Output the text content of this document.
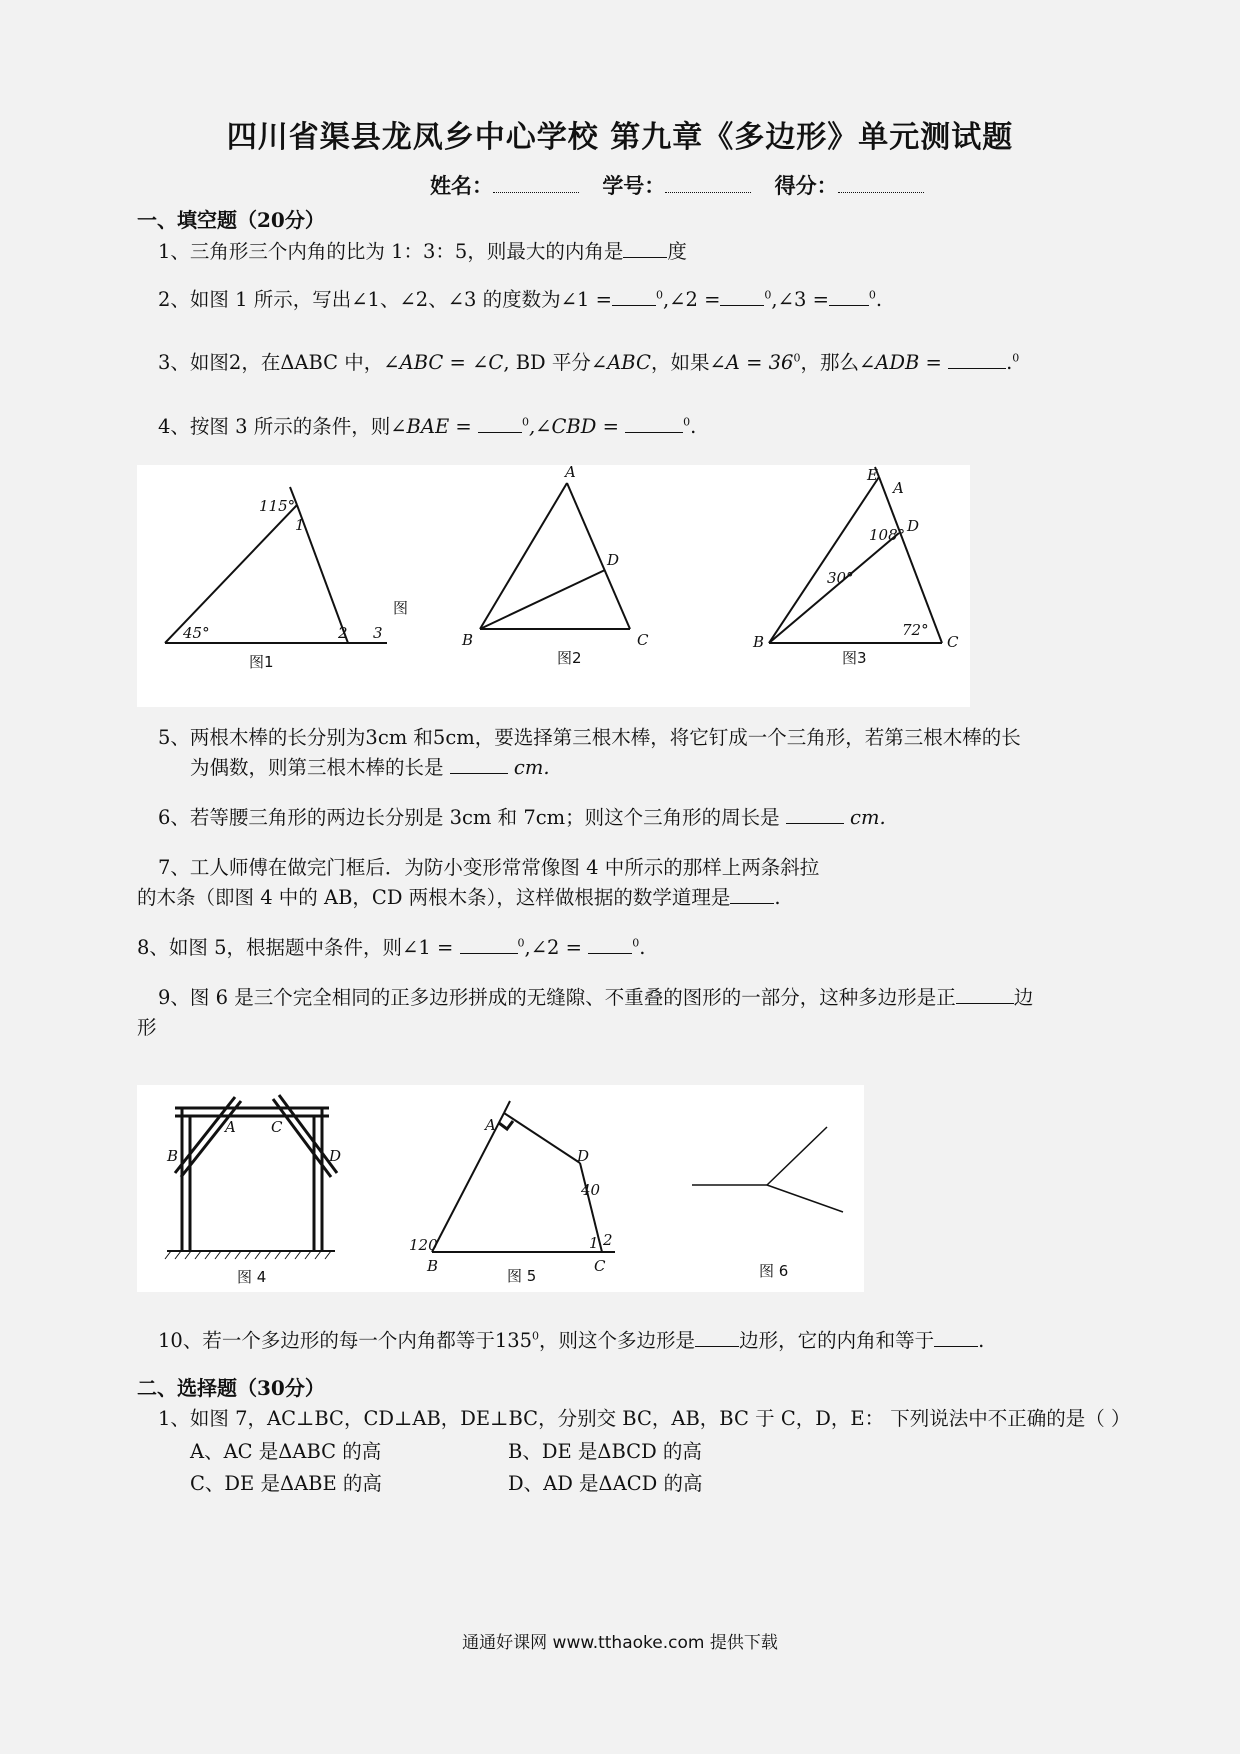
四川省渠县龙凤乡中心学校 第九章《多边形》单元测试题
姓名：	学号：	得分：
一、填空题（20分）
1、三角形三个内角的比为 1：3：5，则最大的内角是 度
2、如图 1 所示，写出∠1、∠2、∠3 的度数为∠1 =	$^0$,∠2 =	$^0$,∠3 =	$^0$.
3、如图2，在ΔABC 中，∠ABC = ∠C, BD 平分∠ABC，如果∠A = $36^0$，那么∠ADB =	.$^0$
4、按图 3 所示的条件，则∠BAE =	$^0$,∠CBD =	$^0$.
115°
1
45°	2 3
图
图1
A
D
B	C
图2
E
A
D
108°
30°
72°
B	C
图3
5、两根木棒的长分别为3cm 和5cm，要选择第三根木棒，将它钉成一个三角形，若第三根木棒的长
为偶数，则第三根木棒的长是	cm.
6、若等腰三角形的两边长分别是 3cm 和 7cm；则这个三角形的周长是	cm.
7、工人师傅在做完门框后．为防小变形常常像图 4 中所示的那样上两条斜拉
的木条（即图 4 中的 AB，CD 两根木条），这样做根据的数学道理是 .
8、如图 5，根据题中条件，则∠1 =	$^0$,∠2 =	$^0$.
9、图 6 是三个完全相同的正多边形拼成的无缝隙、不重叠的图形的一部分，这种多边形是正	边
形
A C
B	D
图 4
A
D
40
120	1 2
B	C
图 5	图 6
10、若一个多边形的每一个内角都等于$135^0$，则这个多边形是 边形，它的内角和等于 .
二、选择题（30分）
1、如图 7，AC⊥BC，CD⊥AB，DE⊥BC，分别交 BC，AB，BC 于 C，D，E： 下列说法中不正确的是（ ）
A、AC 是ΔABC 的高	B、DE 是ΔBCD 的高
C、DE 是ΔABE 的高	D、AD 是ΔACD 的高
通通好课网 www.tthaoke.com 提供下载
